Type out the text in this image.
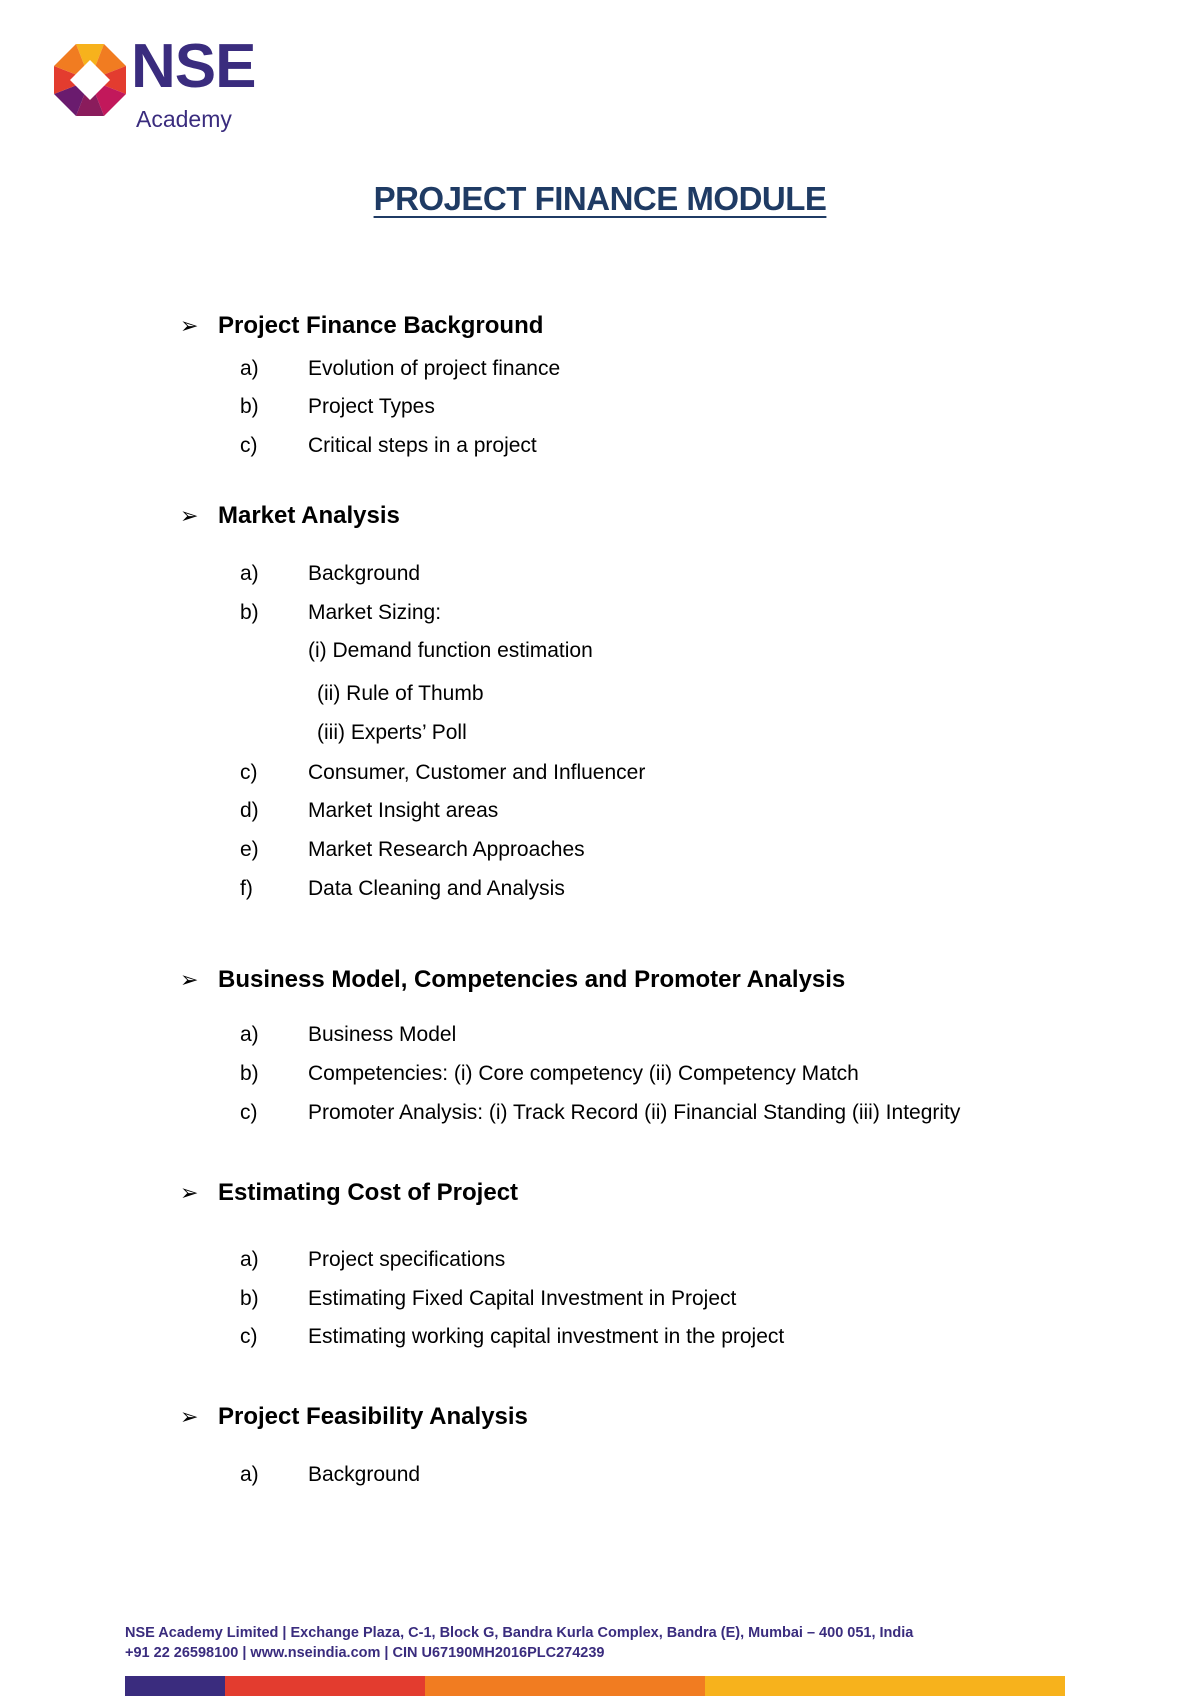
NSE
Academy
PROJECT FINANCE MODULE
➢ Project Finance Background
a) Evolution of project finance
b) Project Types
c) Critical steps in a project
➢ Market Analysis
a) Background
b) Market Sizing:
(i) Demand function estimation
(ii) Rule of Thumb
(iii) Experts’ Poll
c) Consumer, Customer and Influencer
d) Market Insight areas
e) Market Research Approaches
f)	Data Cleaning and Analysis
➢ Business Model, Competencies and Promoter Analysis
a) Business Model
b) Competencies: (i) Core competency (ii) Competency Match
c) Promoter Analysis: (i) Track Record (ii) Financial Standing (iii) Integrity
➢ Estimating Cost of Project
a) Project specifications
b) Estimating Fixed Capital Investment in Project
c) Estimating working capital investment in the project
➢ Project Feasibility Analysis
a) Background
NSE Academy Limited | Exchange Plaza, C-1, Block G, Bandra Kurla Complex, Bandra (E), Mumbai – 400 051, India
+91 22 26598100 | www.nseindia.com | CIN U67190MH2016PLC274239
